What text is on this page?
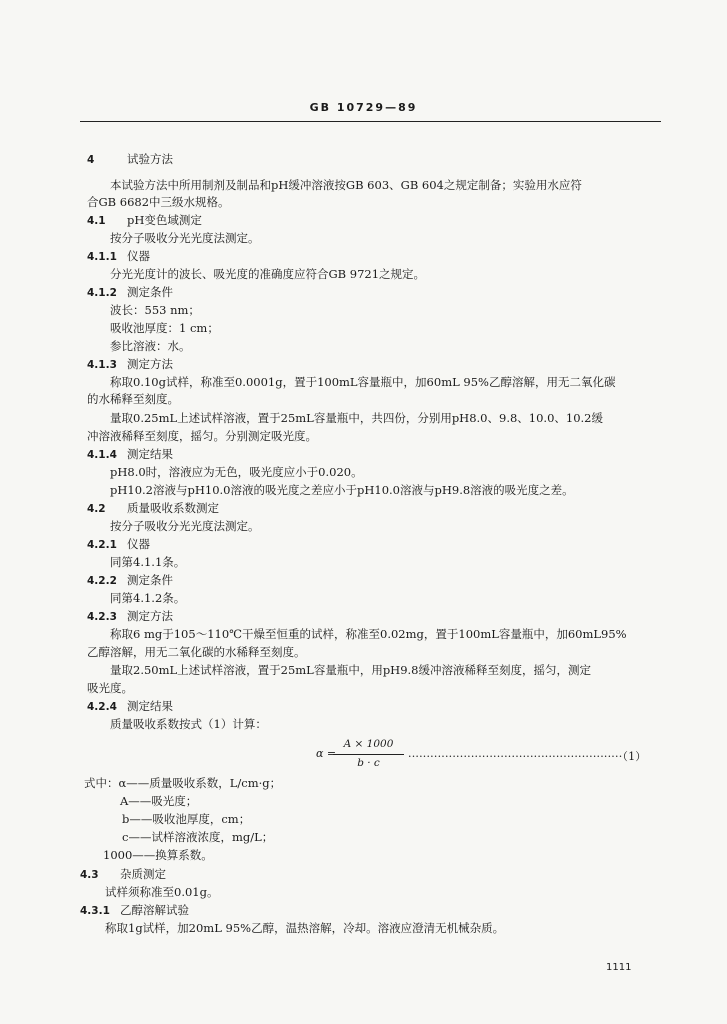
GB 10729—89
4	试验方法
本试验方法中所用制剂及制品和pH缓冲溶液按GB 603、GB 604之规定制备；实验用水应符
合GB 6682中三级水规格。
4.1 pH变色域测定
按分子吸收分光光度法测定。
4.1.1 仪器
分光光度计的波长、吸光度的准确度应符合GB 9721之规定。
4.1.2 测定条件
波长：553 nm；
吸收池厚度：1 cm；
参比溶液：水。
4.1.3 测定方法
称取0.10g试样，称准至0.0001g，置于100mL容量瓶中，加60mL 95%乙醇溶解，用无二氧化碳
的水稀释至刻度。
量取0.25mL上述试样溶液，置于25mL容量瓶中，共四份，分别用pH8.0、9.8、10.0、10.2缓
冲溶液稀释至刻度，摇匀。分别测定吸光度。
4.1.4 测定结果
pH8.0时，溶液应为无色，吸光度应小于0.020。
pH10.2溶液与pH10.0溶液的吸光度之差应小于pH10.0溶液与pH9.8溶液的吸光度之差。
4.2 质量吸收系数测定
按分子吸收分光光度法测定。
4.2.1 仪器
同第4.1.1条。
4.2.2 测定条件
同第4.1.2条。
4.2.3 测定方法
称取6 mg于105～110℃干燥至恒重的试样，称准至0.02mg，置于100mL容量瓶中，加60mL95%
乙醇溶解，用无二氧化碳的水稀释至刻度。
量取2.50mL上述试样溶液，置于25mL容量瓶中，用pH9.8缓冲溶液稀释至刻度，摇匀，测定
吸光度。
4.2.4 测定结果
质量吸收系数按式（1）计算：
式中：α——质量吸收系数，L/cm·g；
A——吸光度；
b——吸收池厚度，cm；
c——试样溶液浓度，mg/L；
1000——换算系数。
4.3 杂质测定
试样须称准至0.01g。
4.3.1 乙醇溶解试验
称取1g试样，加20mL 95%乙醇，温热溶解，冷却。溶液应澄清无机械杂质。
α =
A × 1000
b · c	··························································（1）
1111
